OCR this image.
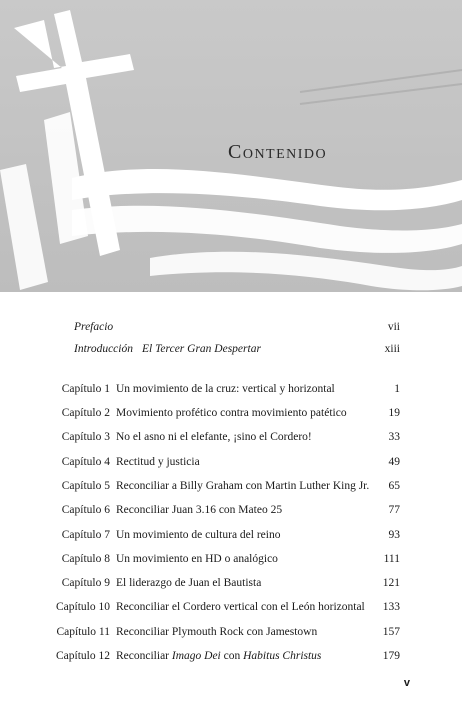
Contenido
Prefacio	vii
Introducción El Tercer Gran Despertar	xiii
Capítulo 1 Un movimiento de la cruz: vertical y horizontal	1
Capítulo 2 Movimiento profético contra movimiento patético	19
Capítulo 3 No el asno ni el elefante, ¡sino el Cordero!	33
Capítulo 4 Rectitud y justicia	49
Capítulo 5 Reconciliar a Billy Graham con Martin Luther King Jr. 65
Capítulo 6 Reconciliar Juan 3.16 con Mateo 25	77
Capítulo 7 Un movimiento de cultura del reino	93
Capítulo 8 Un movimiento en HD o analógico	111
Capítulo 9 El liderazgo de Juan el Bautista	121
Capítulo 10 Reconciliar el Cordero vertical con el León horizontal 133
Capítulo 11 Reconciliar Plymouth Rock con Jamestown	157
Capítulo 12 Reconciliar Imago Dei con Habitus Christus	179
v
